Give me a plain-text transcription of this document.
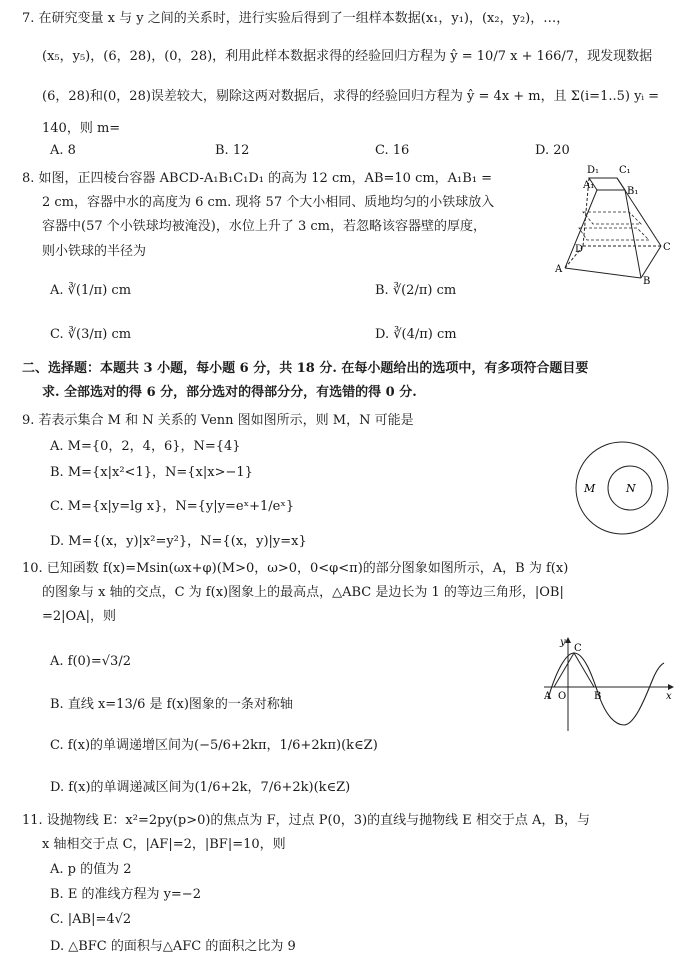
7. 在研究变量 x 与 y 之间的关系时，进行实验后得到了一组样本数据(x₁，y₁)，(x₂，y₂)，…，
(x₅，y₅)，(6，28)，(0，28)，利用此样本数据求得的经验回归方程为 ŷ = 10/7 x + 166/7，现发现数据
(6，28)和(0，28)误差较大，剔除这两对数据后，求得的经验回归方程为 ŷ = 4x + m，且 Σ(i=1..5) yᵢ =
140，则 m=
A. 8	B. 12	C. 16	D. 20
8. 如图，正四棱台容器 ABCD-A₁B₁C₁D₁ 的高为 12 cm，AB=10 cm，A₁B₁ =
2 cm，容器中水的高度为 6 cm. 现将 57 个大小相同、质地均匀的小铁球放入
容器中(57 个小铁球均被淹没)，水位上升了 3 cm，若忽略该容器壁的厚度，
则小铁球的半径为
A. ∛(1/π) cm	B. ∛(2/π) cm
C. ∛(3/π) cm	D. ∛(4/π) cm
D₁ C₁
A₁
B₁
D	C
A
B
二、选择题：本题共 3 小题，每小题 6 分，共 18 分. 在每小题给出的选项中，有多项符合题目要
求. 全部选对的得 6 分，部分选对的得部分分，有选错的得 0 分.
9. 若表示集合 M 和 N 关系的 Venn 图如图所示，则 M，N 可能是
A. M={0，2，4，6}，N={4}
B. M={x|x²<1}，N={x|x>−1}
C. M={x|y=lg x}，N={y|y=eˣ+1/eˣ}
D. M={(x，y)|x²=y²}，N={(x，y)|y=x}
M	N
10. 已知函数 f(x)=Msin(ωx+φ)(M>0，ω>0，0<φ<π)的部分图象如图所示，A，B 为 f(x)
的图象与 x 轴的交点，C 为 f(x)图象上的最高点，△ABC 是边长为 1 的等边三角形，|OB|
=2|OA|，则
A. f(0)=√3/2
B. 直线 x=13/6 是 f(x)图象的一条对称轴
C. f(x)的单调递增区间为(−5/6+2kπ，1/6+2kπ)(k∈Z)
D. f(x)的单调递减区间为(1/6+2k，7/6+2k)(k∈Z)
y
C
A O	B	x
11. 设抛物线 E：x²=2py(p>0)的焦点为 F，过点 P(0，3)的直线与抛物线 E 相交于点 A，B，与
x 轴相交于点 C，|AF|=2，|BF|=10，则
A. p 的值为 2
B. E 的准线方程为 y=−2
C. |AB|=4√2
D. △BFC 的面积与△AFC 的面积之比为 9
